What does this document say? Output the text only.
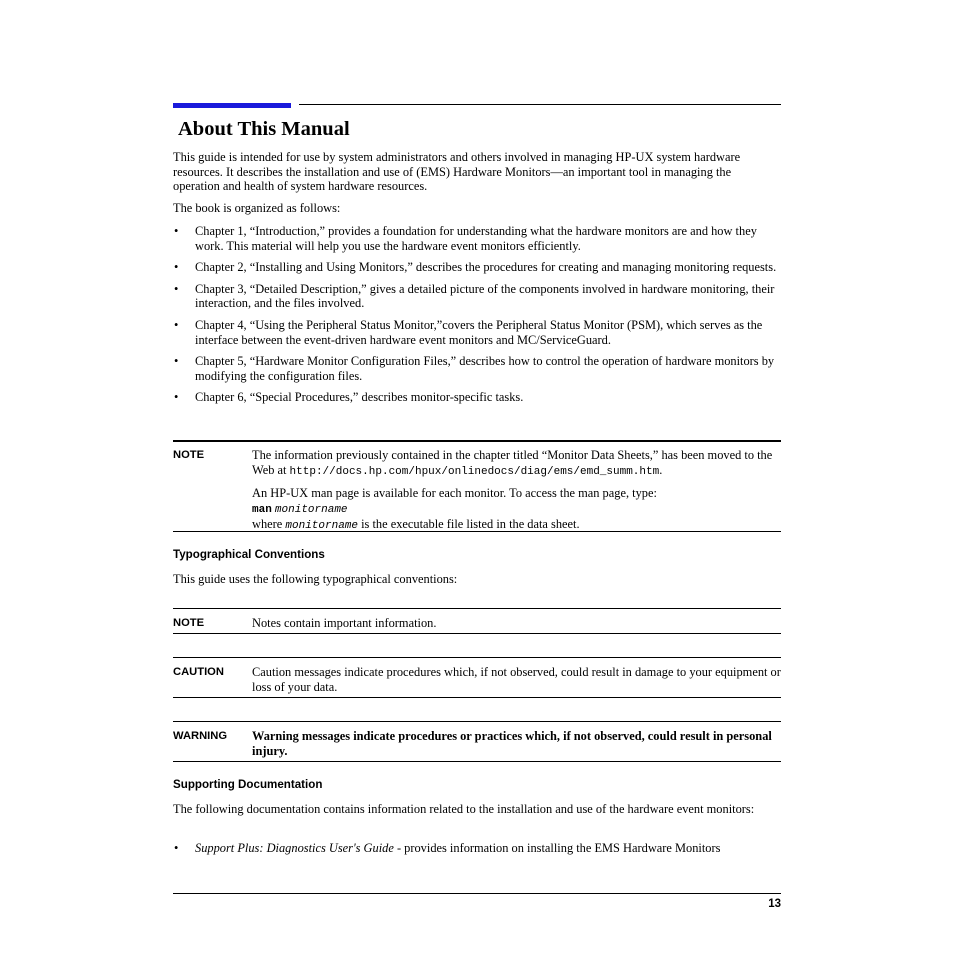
About This Manual

This guide is intended for use by system administrators and others involved in managing HP-UX system hardware resources. It describes the installation and use of (EMS) Hardware Monitors—an important tool in managing the operation and health of system hardware resources.

The book is organized as follows:

• Chapter 1, “Introduction,” provides a foundation for understanding what the hardware monitors are and how they work. This material will help you use the hardware event monitors efficiently.
• Chapter 2, “Installing and Using Monitors,” describes the procedures for creating and managing monitoring requests.
• Chapter 3, “Detailed Description,” gives a detailed picture of the components involved in hardware monitoring, their interaction, and the files involved.
• Chapter 4, “Using the Peripheral Status Monitor,”covers the Peripheral Status Monitor (PSM), which serves as the interface between the event-driven hardware event monitors and MC/ServiceGuard.
• Chapter 5, “Hardware Monitor Configuration Files,” describes how to control the operation of hardware monitors by modifying the configuration files.
• Chapter 6, “Special Procedures,” describes monitor-specific tasks.
NOTE	The information previously contained in the chapter titled “Monitor Data Sheets,” has been moved to the Web at http://docs.hp.com/hpux/onlinedocs/diag/ems/emd_summ.htm.

An HP-UX man page is available for each monitor. To access the man page, type:

man monitorname

where monitorname is the executable file listed in the data sheet.

Typographical Conventions

This guide uses the following typographical conventions:

NOTE	Notes contain important information.

CAUTION Caution messages indicate procedures which, if not observed, could result in damage to your equipment or loss of your data.

WARNING Warning messages indicate procedures or practices which, if not observed, could result in personal injury.

Supporting Documentation

The following documentation contains information related to the installation and use of the hardware event monitors:

• Support Plus: Diagnostics User's Guide - provides information on installing the EMS Hardware Monitors
13
